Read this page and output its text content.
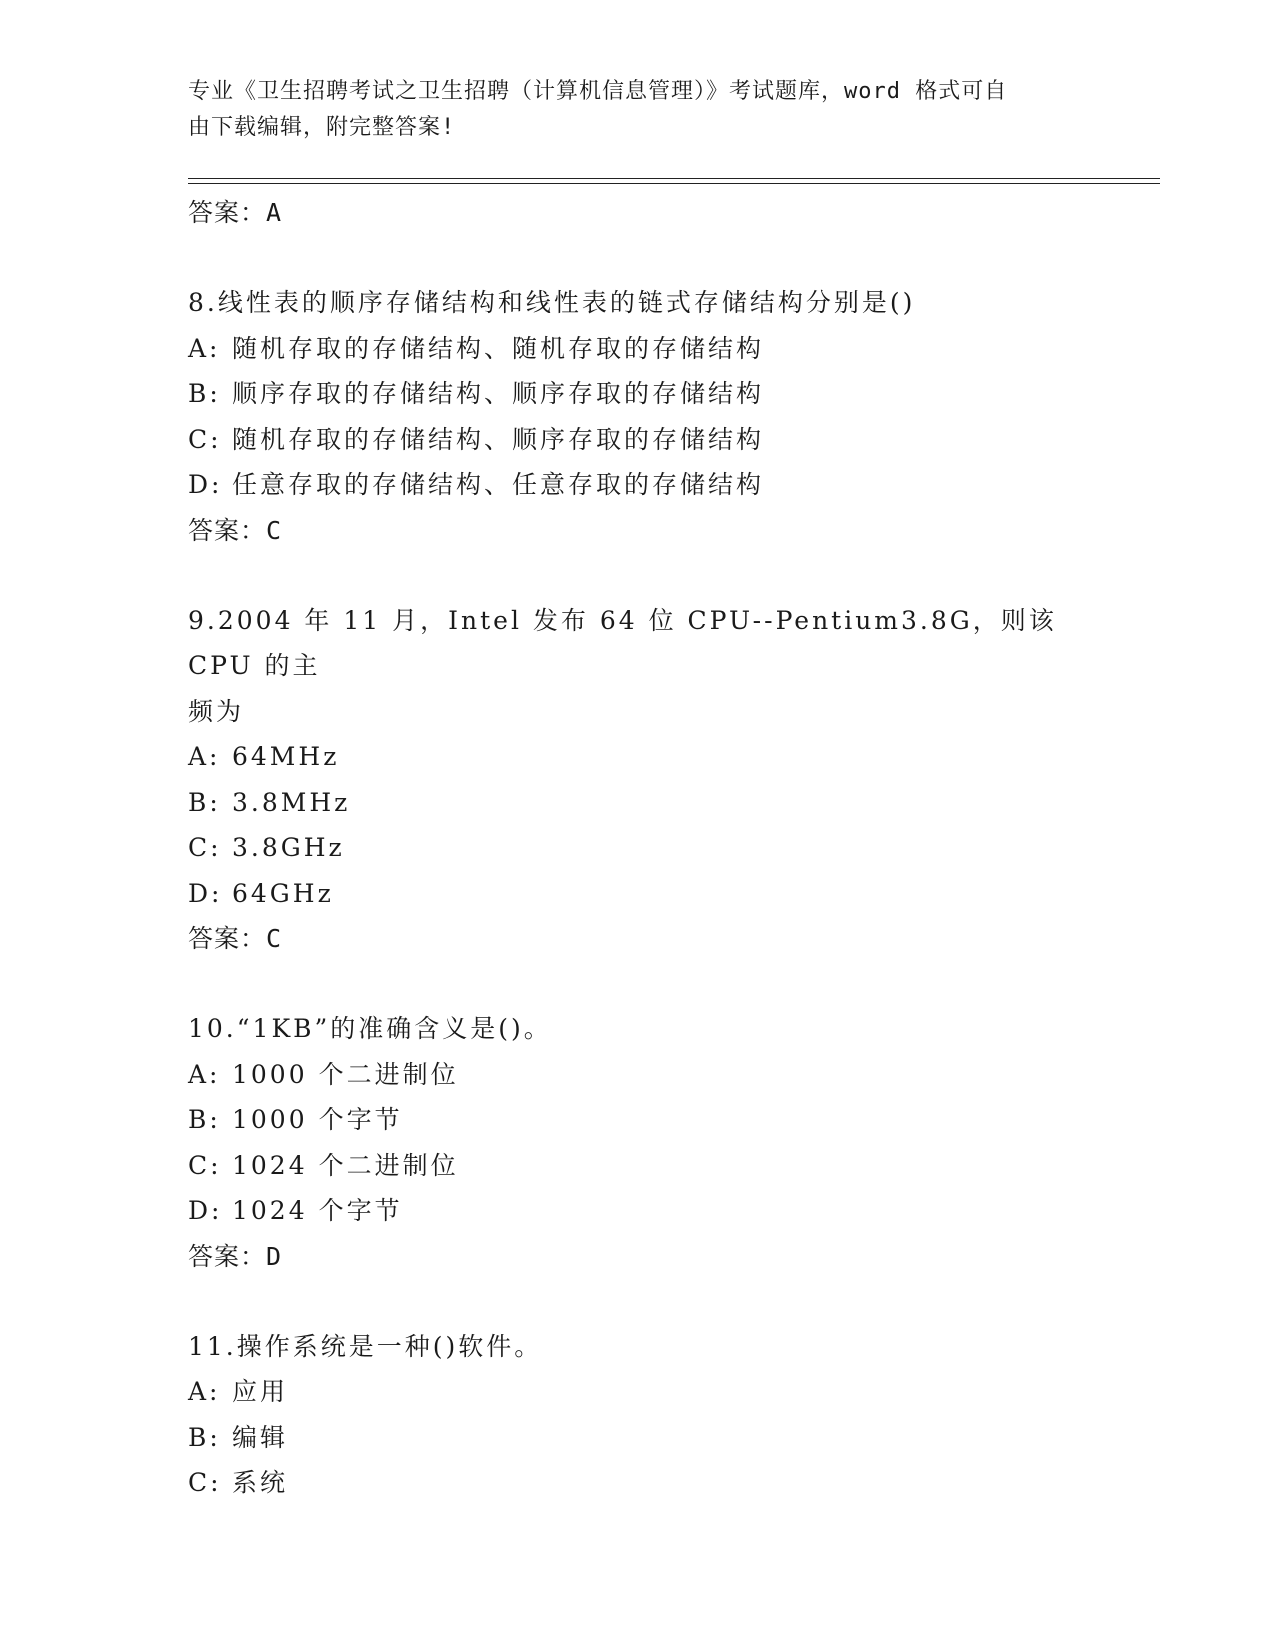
专业《卫生招聘考试之卫生招聘（计算机信息管理）》考试题库，word 格式可自
由下载编辑，附完整答案!
答案：A
8.线性表的顺序存储结构和线性表的链式存储结构分别是()
A: 随机存取的存储结构、随机存取的存储结构
B: 顺序存取的存储结构、顺序存取的存储结构
C: 随机存取的存储结构、顺序存取的存储结构
D: 任意存取的存储结构、任意存取的存储结构
答案：C
9.2004 年 11 月，Intel 发布 64 位 CPU--Pentium3.8G，则该 CPU 的主
频为
A: 64MHz
B: 3.8MHz
C: 3.8GHz
D: 64GHz
答案：C
10.“1KB”的准确含义是()。
A: 1000 个二进制位
B: 1000 个字节
C: 1024 个二进制位
D: 1024 个字节
答案：D
11.操作系统是一种()软件。
A: 应用
B: 编辑
C: 系统
